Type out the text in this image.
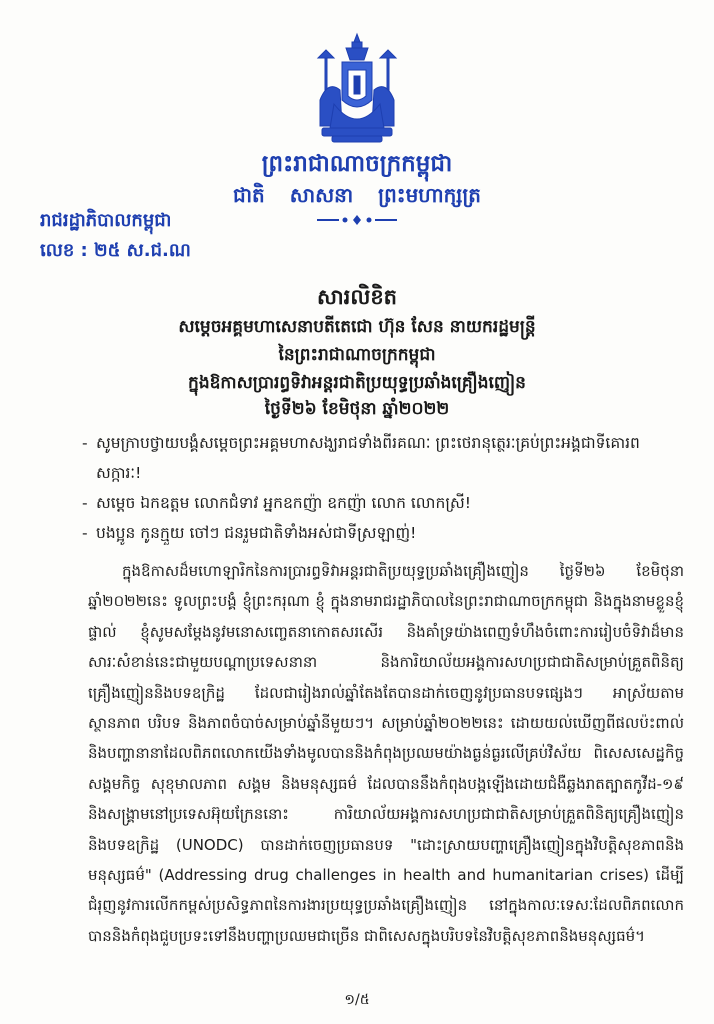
ព្រះរាជាណាចក្រកម្ពុជា
ជាតិ សាសនា ព្រះមហាក្សត្រ
រាជរដ្ឋាភិបាលកម្ពុជា
លេខ : ២៥ ស.ជ.ណ
សារលិខិត
សម្តេចអគ្គមហាសេនាបតីតេជោ ហ៊ុន សែន នាយករដ្ឋមន្ត្រី
នៃព្រះរាជាណាចក្រកម្ពុជា
ក្នុងឱកាសប្រារព្ធទិវាអន្តរជាតិប្រយុទ្ធប្រឆាំងគ្រឿងញៀន
ថ្ងៃទី២៦ ខែមិថុនា ឆ្នាំ២០២២
- សូមក្រាបថ្វាយបង្គំសម្តេចព្រះអគ្គមហាសង្ឃរាជទាំងពីរគណៈ ព្រះថេរានុត្ថេរៈគ្រប់ព្រះអង្គជាទីគោរពសក្ការៈ!
- សម្តេច ឯកឧត្តម លោកជំទាវ អ្នកឧកញ៉ា ឧកញ៉ា លោក លោកស្រី!
- បងប្អូន កូនក្មួយ ចៅៗ ជនរួមជាតិទាំងអស់ជាទីស្រឡាញ់!
ក្នុងឱកាសដ៏មហោឡារិកនៃការប្រារព្ធទិវាអន្តរជាតិប្រយុទ្ធប្រឆាំងគ្រឿងញៀន ថ្ងៃទី២៦ ខែមិថុនា ឆ្នាំ២០២២នេះ ទូលព្រះបង្គំ ខ្ញុំព្រះករុណា ខ្ញុំ ក្នុងនាមរាជរដ្ឋាភិបាលនៃព្រះរាជាណាចក្រកម្ពុជា និងក្នុងនាមខ្លួនខ្ញុំផ្ទាល់ ខ្ញុំសូមសម្តែងនូវមនោសញ្ចេតនាកោតសរសើរ និងគាំទ្រយ៉ាងពេញទំហឹងចំពោះការរៀបចំទិវាដ៏មានសារៈសំខាន់នេះជាមួយបណ្តាប្រទេសនានា និងការិយាល័យអង្គការសហប្រជាជាតិសម្រាប់គ្រួតពិនិត្យគ្រឿងញៀននិងបទឧក្រិដ្ឋ ដែលជារៀងរាល់ឆ្នាំតែងតែបានដាក់ចេញនូវប្រធានបទផ្សេងៗ អាស្រ័យតាមស្ថានភាព បរិបទ និងភាពចំបាច់សម្រាប់ឆ្នាំនីមួយៗ។ សម្រាប់ឆ្នាំ២០២២នេះ ដោយយល់ឃើញពីផលប៉ះពាល់និងបញ្ហានានាដែលពិភពលោកយើងទាំងមូលបាននិងកំពុងប្រឈមយ៉ាងធ្ងន់ធ្ងរលើគ្រប់វិស័យ ពិសេសសេដ្ឋកិច្ច សង្គមកិច្ច សុខុមាលភាព សង្គម និងមនុស្សធម៌ ដែលបាននឹងកំពុងបង្កឡើងដោយជំងឺឆ្លងរាតត្បាតកូវីដ-១៩ និងសង្គ្រាមនៅប្រទេសអ៊ុយក្រែននោះ ការិយាល័យអង្គការសហប្រជាជាតិសម្រាប់គ្រួតពិនិត្យគ្រឿងញៀននិងបទឧក្រិដ្ឋ (UNODC) បានដាក់ចេញប្រធានបទ "ដោះស្រាយបញ្ហាគ្រឿងញៀនក្នុងវិបត្តិសុខភាពនិងមនុស្សធម៌" (Addressing drug challenges in health and humanitarian crises) ដើម្បីជំរុញនូវការលើកកម្ពស់ប្រសិទ្ធភាពនៃការងារប្រយុទ្ធប្រឆាំងគ្រឿងញៀន នៅក្នុងកាលៈទេសៈដែលពិភពលោកបាននិងកំពុងជួបប្រទះទៅនឹងបញ្ហាប្រឈមជាច្រើន ជាពិសេសក្នុងបរិបទនៃវិបត្តិសុខភាពនិងមនុស្សធម៌។
១/៥
